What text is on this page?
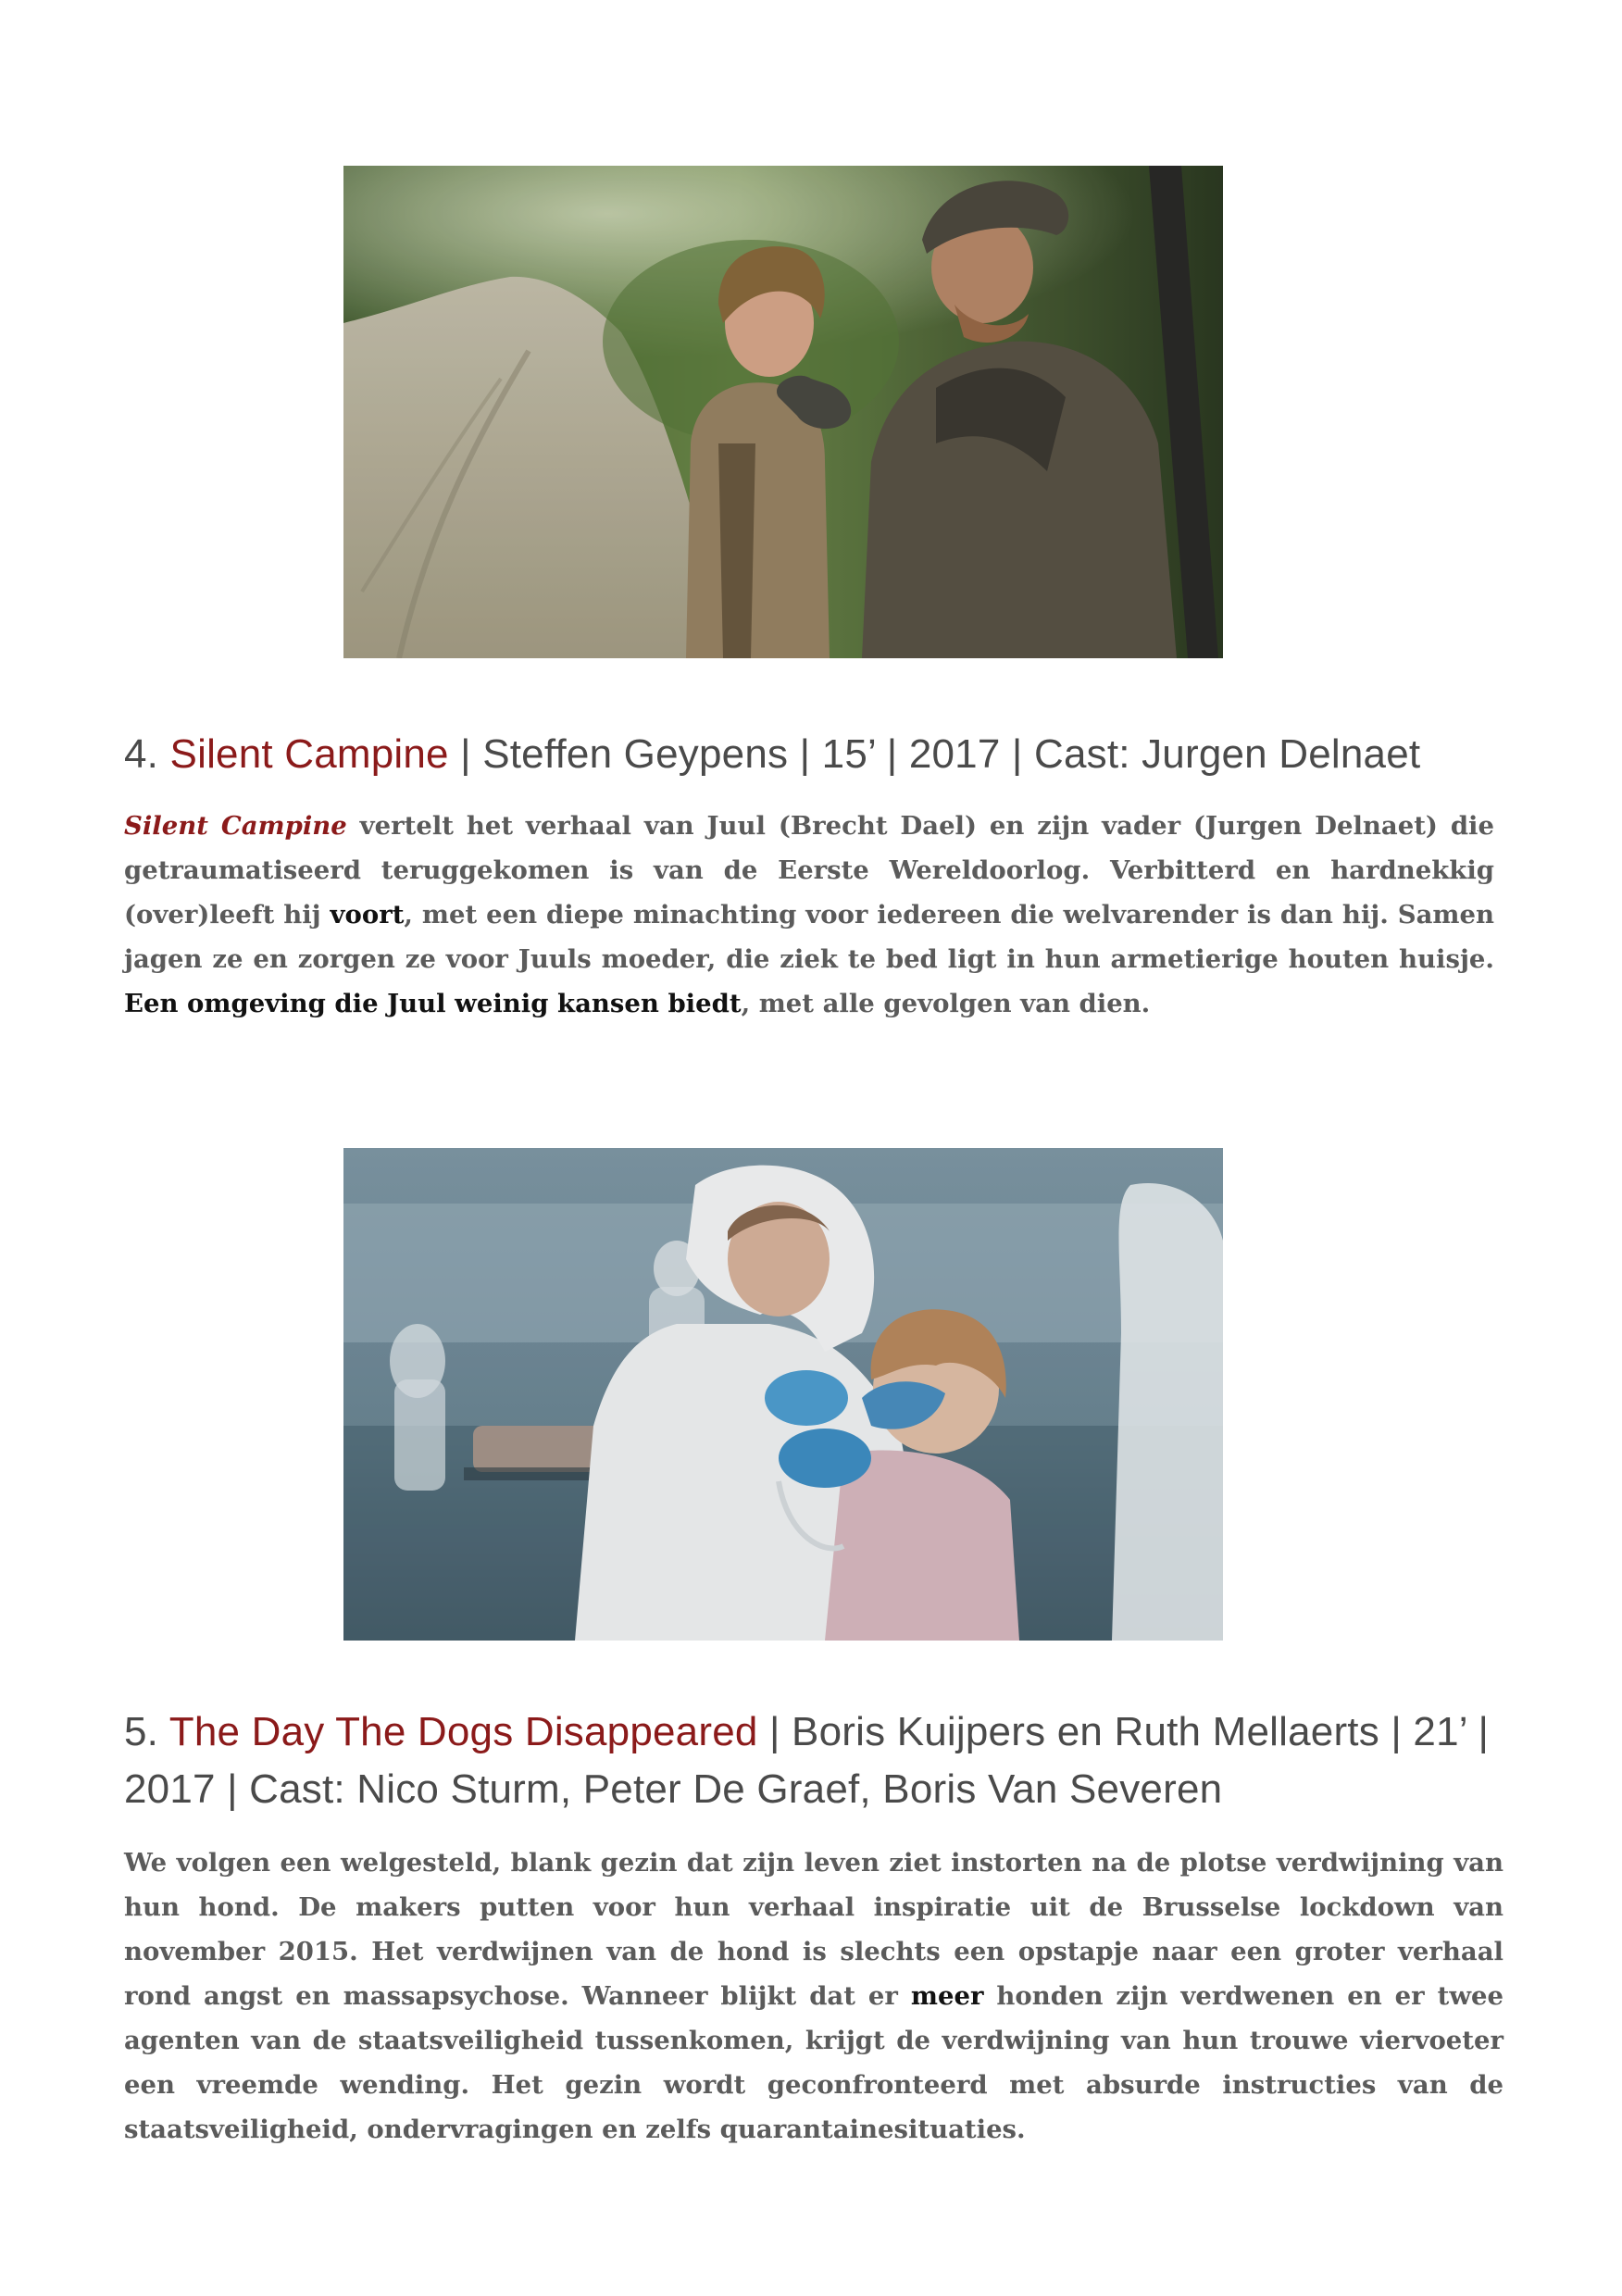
4. Silent Campine | Steffen Geypens | 15’ | 2017 | Cast: Jurgen Delnaet
Silent Campine vertelt het verhaal van Juul (Brecht Dael) en zijn vader (Jurgen Delnaet) die getraumatiseerd teruggekomen is van de Eerste Wereldoorlog. Verbitterd en hardnekkig (over)leeft hij voort, met een diepe minachting voor iedereen die welvarender is dan hij. Samen jagen ze en zorgen ze voor Juuls moeder, die ziek te bed ligt in hun armetierige houten huisje. Een omgeving die Juul weinig kansen biedt, met alle gevolgen van dien.
5. The Day The Dogs Disappeared | Boris Kuijpers en Ruth Mellaerts | 21’ | 2017 | Cast: Nico Sturm, Peter De Graef, Boris Van Severen
We volgen een welgesteld, blank gezin dat zijn leven ziet instorten na de plotse verdwijning van hun hond. De makers putten voor hun verhaal inspiratie uit de Brusselse lockdown van november 2015. Het verdwijnen van de hond is slechts een opstapje naar een groter verhaal rond angst en massapsychose. Wanneer blijkt dat er meer honden zijn verdwenen en er twee agenten van de staatsveiligheid tussenkomen, krijgt de verdwijning van hun trouwe viervoeter een vreemde wending. Het gezin wordt geconfronteerd met absurde instructies van de staatsveiligheid, ondervragingen en zelfs quarantainesituaties.
